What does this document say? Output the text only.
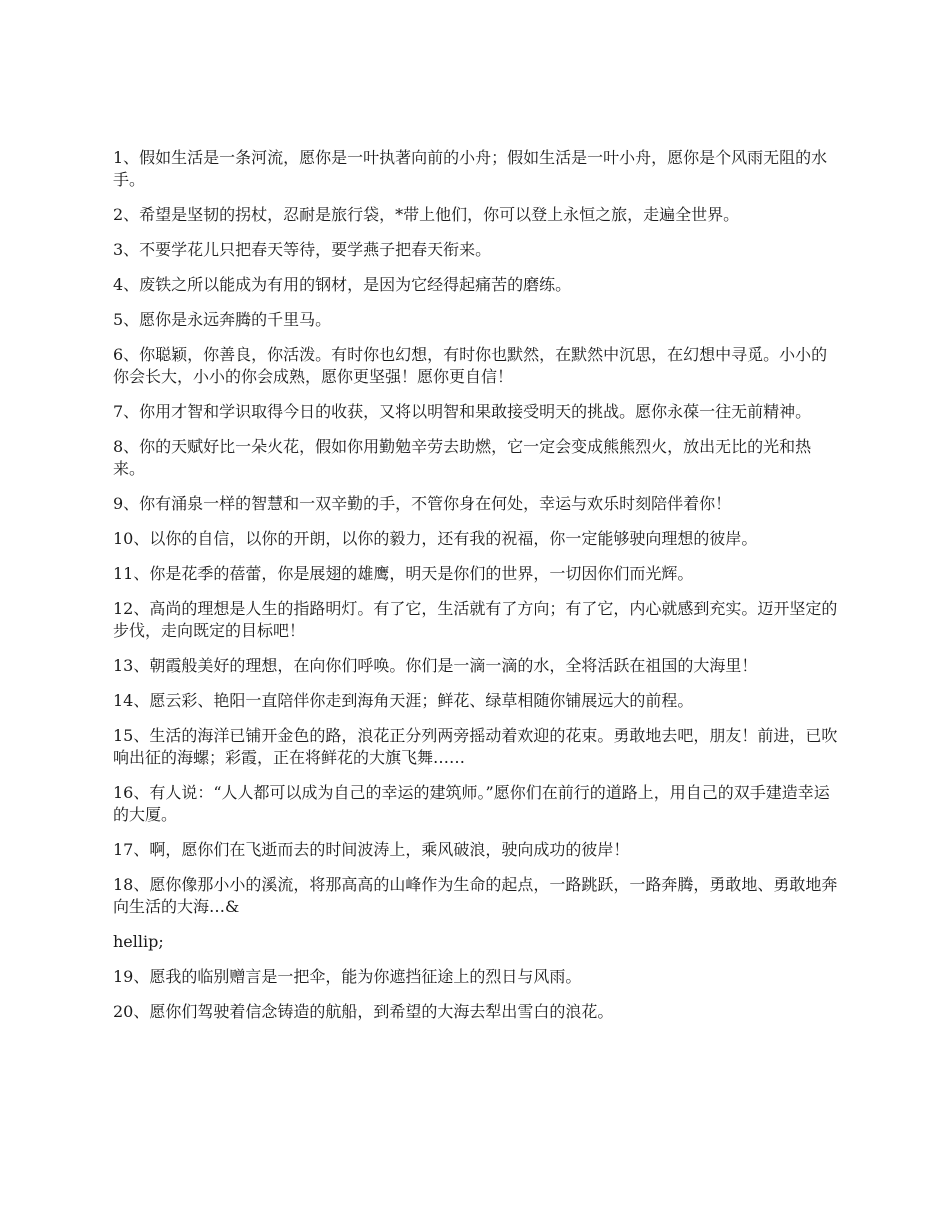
1、假如生活是一条河流，愿你是一叶执著向前的小舟；假如生活是一叶小舟，愿你是个风雨无阻的水手。

2、希望是坚韧的拐杖，忍耐是旅行袋，*带上他们，你可以登上永恒之旅，走遍全世界。

3、不要学花儿只把春天等待，要学燕子把春天衔来。

4、废铁之所以能成为有用的钢材，是因为它经得起痛苦的磨练。

5、愿你是永远奔腾的千里马。

6、你聪颖，你善良，你活泼。有时你也幻想，有时你也默然，在默然中沉思，在幻想中寻觅。小小的你会长大，小小的你会成熟，愿你更坚强！愿你更自信！

7、你用才智和学识取得今日的收获，又将以明智和果敢接受明天的挑战。愿你永葆一往无前精神。

8、你的天赋好比一朵火花，假如你用勤勉辛劳去助燃，它一定会变成熊熊烈火，放出无比的光和热来。

9、你有涌泉一样的智慧和一双辛勤的手，不管你身在何处，幸运与欢乐时刻陪伴着你！

10、以你的自信，以你的开朗，以你的毅力，还有我的祝福，你一定能够驶向理想的彼岸。

11、你是花季的蓓蕾，你是展翅的雄鹰，明天是你们的世界，一切因你们而光辉。

12、高尚的理想是人生的指路明灯。有了它，生活就有了方向；有了它，内心就感到充实。迈开坚定的步伐，走向既定的目标吧！

13、朝霞般美好的理想，在向你们呼唤。你们是一滴一滴的水，全将活跃在祖国的大海里！

14、愿云彩、艳阳一直陪伴你走到海角天涯；鲜花、绿草相随你铺展远大的前程。

15、生活的海洋已铺开金色的路，浪花正分列两旁摇动着欢迎的花束。勇敢地去吧，朋友！前进，已吹响出征的海螺；彩霞，正在将鲜花的大旗飞舞……

16、有人说：“人人都可以成为自己的幸运的建筑师。”愿你们在前行的道路上，用自己的双手建造幸运的大厦。

17、啊，愿你们在飞逝而去的时间波涛上，乘风破浪，驶向成功的彼岸！

18、愿你像那小小的溪流，将那高高的山峰作为生命的起点，一路跳跃，一路奔腾，勇敢地、勇敢地奔向生活的大海…&

hellip;

19、愿我的临别赠言是一把伞，能为你遮挡征途上的烈日与风雨。

20、愿你们驾驶着信念铸造的航船，到希望的大海去犁出雪白的浪花。
